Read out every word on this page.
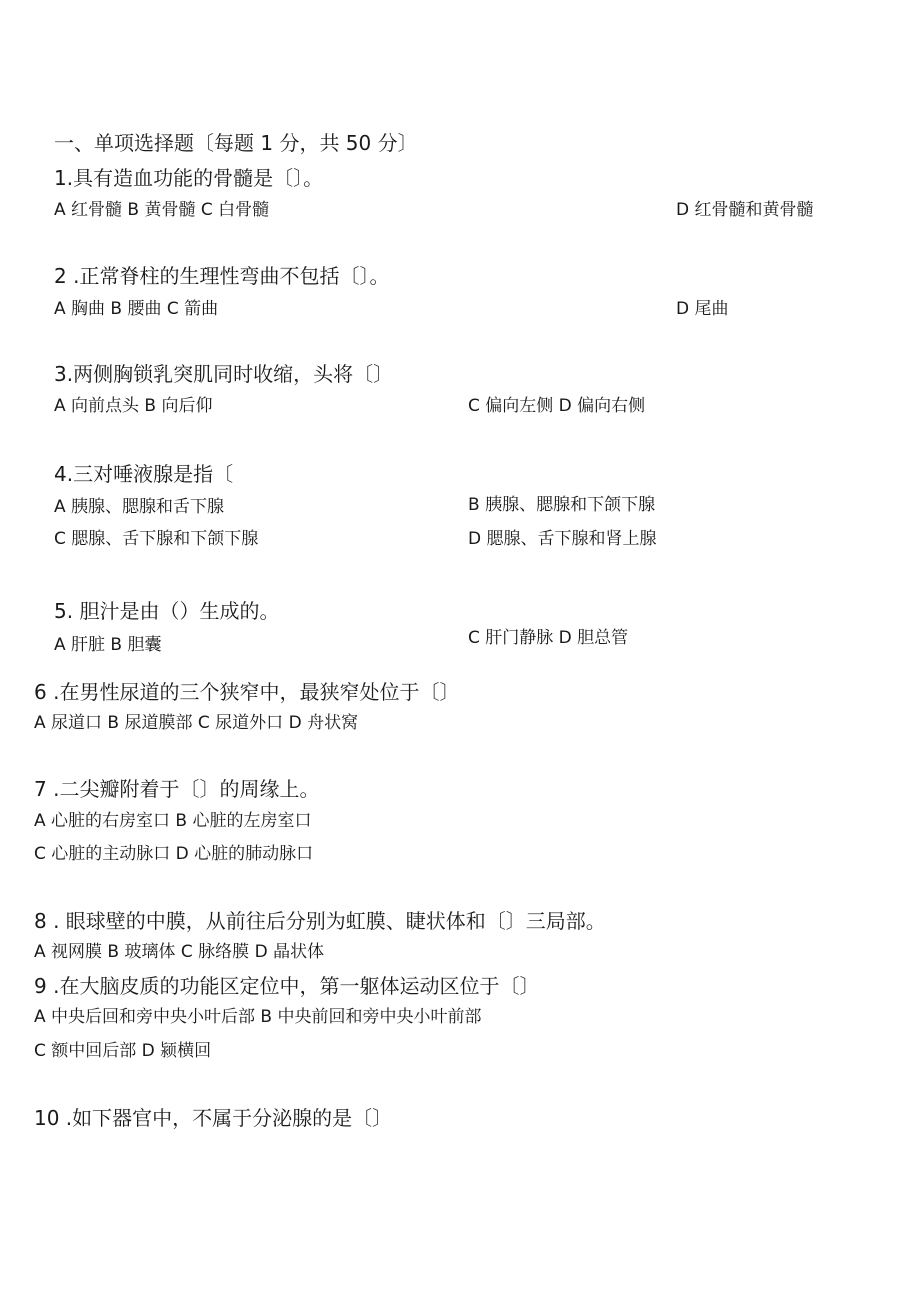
一、单项选择题〔每题 1 分，共 50 分〕
1.具有造血功能的骨髓是〔〕。
A 红骨髓 B 黄骨髓 C 白骨髓	D 红骨髓和黄骨髓
2 .正常脊柱的生理性弯曲不包括〔〕。
A 胸曲 B 腰曲 C 箭曲	D 尾曲
3.两侧胸锁乳突肌同时收缩，头将〔〕
A 向前点头 B 向后仰	C 偏向左侧 D 偏向右侧
4.三对唾液腺是指〔
A 胰腺、腮腺和舌下腺	B 胰腺、腮腺和下颌下腺
C 腮腺、舌下腺和下颌下腺	D 腮腺、舌下腺和肾上腺
5. 胆汁是由（）生成的。
A 肝脏 B 胆囊	C 肝门静脉 D 胆总管
6 .在男性尿道的三个狭窄中，最狭窄处位于〔〕
A 尿道口 B 尿道膜部 C 尿道外口 D 舟状窝
7 .二尖瓣附着于〔〕的周缘上。
A 心脏的右房室口 B 心脏的左房室口
C 心脏的主动脉口 D 心脏的肺动脉口
8 . 眼球壁的中膜，从前往后分别为虹膜、睫状体和〔〕三局部。
A 视网膜 B 玻璃体 C 脉络膜 D 晶状体
9 .在大脑皮质的功能区定位中，第一躯体运动区位于〔〕
A 中央后回和旁中央小叶后部 B 中央前回和旁中央小叶前部
C 额中回后部 D 颍横回
10 .如下器官中，不属于分泌腺的是〔〕
